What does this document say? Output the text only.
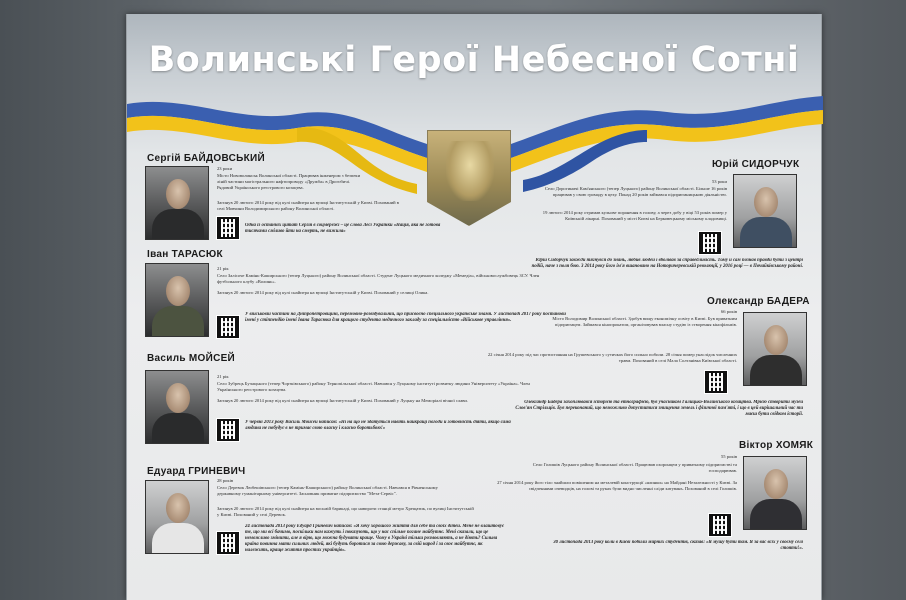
Волинські Герої Небесної Сотні
Сергій БАЙДОВСЬКИЙ
23 роки
Місто Нововолинськ Волинської області. Працював інженером з безпеки ліній частини магістрального нафтопроводу «Дружба» в Дрогобичі. Рядовий Українського реєстрового козацтва.
Загинув 20 лютого 2014 року від кулі снайпера на вулиці Інститутській у Києві. Похований в селі Мовчини Володимирського району Волинської області.
Одна із останніх цитат Сергія в соцмережі – це слова Лесі Українки «Нація, яка не готова тисячами сміливо йти на смерть, не вижила»
Іван ТАРАСЮК
21 рік
Село Залісоче Камінь-Каширського (тепер Луцького) району Волинської області. Студент Луцького медичного коледжу «Мемедіа», військовослужбовець ЗСУ. Член футбольного клубу «Волинь».
Загинув 20 лютого 2014 року від кулі снайпера на вулиці Інститутській у Києві. Похований у селищі Олика.
У військовій частині на Дніпропетровщині, перемовно-розвідувальній, що присвоєно спеціального українське знамя. У листопаді 2017 року постанови імені у стіппендію імені Івана Тарасюка для кращого студента медичного закладу за спеціальністю «Військове управління».
Василь МОЙСЕЙ
21 рік
Село Зубрець Бучацького (тепер Чортківського) району Тернопільської області. Навчався у Луцькому інституті розвитку людини Університету «Україна». Член Українського реєстрового козацтва.
Загинув 20 лютого 2014 року від кулі снайпера на вулиці Інститутській у Києві. Похований у Луцьку на Меморіалі вічної слави.
У червні 2013 року Василь Мойсей написав: «Ні на що не здатуться навіть найкращі погоди й готовність діяти, якщо сама людина не побудує в не тримає свою власну і класно боротьбою!»
Едуард ГРИНЕВИЧ
28 років
Село Деревок Любешівського (тепер Камінь-Каширського) району Волинської області. Навчався в Рівненському державному гуманітарному університеті. Засновник приватне підприємство "Мета-Сервіс".
Загинув 20 лютого 2014 року від кулі снайпера на восьмій барикаді, що навпроти станції метро Хрещатик, по вулиці Інститутській у Києві. Похований у селі Деревок.
24 листопада 2013 року Едуард Гриневич написав: «Я хочу хорошого життя для себе та своїх дітей. Мене не влаштовує те, що ми всі бачимо, поскільки нам кажуть і показують, що у нас спільне погане майбутнє. Мені сказали, що це неможливо змінити, але я вірю, що можна будувати краще. Чому в Україні тільки розмовляють, а не діють? Сильна країна повинна мати сильних людей, які будуть боротися за свою державу, за свій народ і за своє майбутнє, як належить, краще життя простих українців».
Юрій СИДОРЧУК
53 роки
Село Дорогиничі Кам'янського (тепер Луцького) району Волинської області. Більше 16 років працював у свою громаду в цеху. Понад 20 років займався підприємницькою діяльністю.
19 лютого 2014 року отримав кульове поранення в голову, а через добу у віці 53 років помер у Київській лікарні. Похований у місті Києві на Берковецькому міському кладовищі.
Юрій Сидорчук завжди тягнувся до знань, любив людей і вболівав за справедливість. Тому й сам познав правди бути з центрі подій, наче з поля бою. 3 2014 року його ім'я вшановано на Ноторичеревській революції, у 2016 році — в Почайківському районі.
Олександр БАДЕРА
66 років
Місто Володимир Волинської області. Здобув вищу економічну освіту в Києві. Був приватним підприємцем. Займався кінопрокатом, організовував власну студію із створення кінофільмів.
22 січня 2014 року під час протистояння на Грушевського у сутичках його сильно побили. 28 січня помер унаслідок численних травм. Похований в селі Мала Солтанівка Київської області.
Олександр Бадера захоплювався історією та етнографією, був учасником Галицько-Волинського козацтва. Мрією створити музей Слов'ян Стрільців. Був переконаний, що неможливо допуститися знищення земель і фізичної пам'яті, і що в цей вирішальний час ти маєш бути свідком історії.
Віктор ХОМЯК
55 років
Село Голишів Луцького району Волинської області. Працював охоронцем у приватному підприємстві та господарював.
27 січня 2014 року його тіло знайшли повішеним на металевій конструкції «ялинки» на Майдані Незалежності у Києві. За свідченнями очевидців, на голові та руках були видно численні сліди катувань. Похований в селі Голишів.
30 листопада 2013 року коли в Києві побили мирних студентів, сказав: «Я мушу бути там. Я за вас всіх у своєму селі стояти!».
